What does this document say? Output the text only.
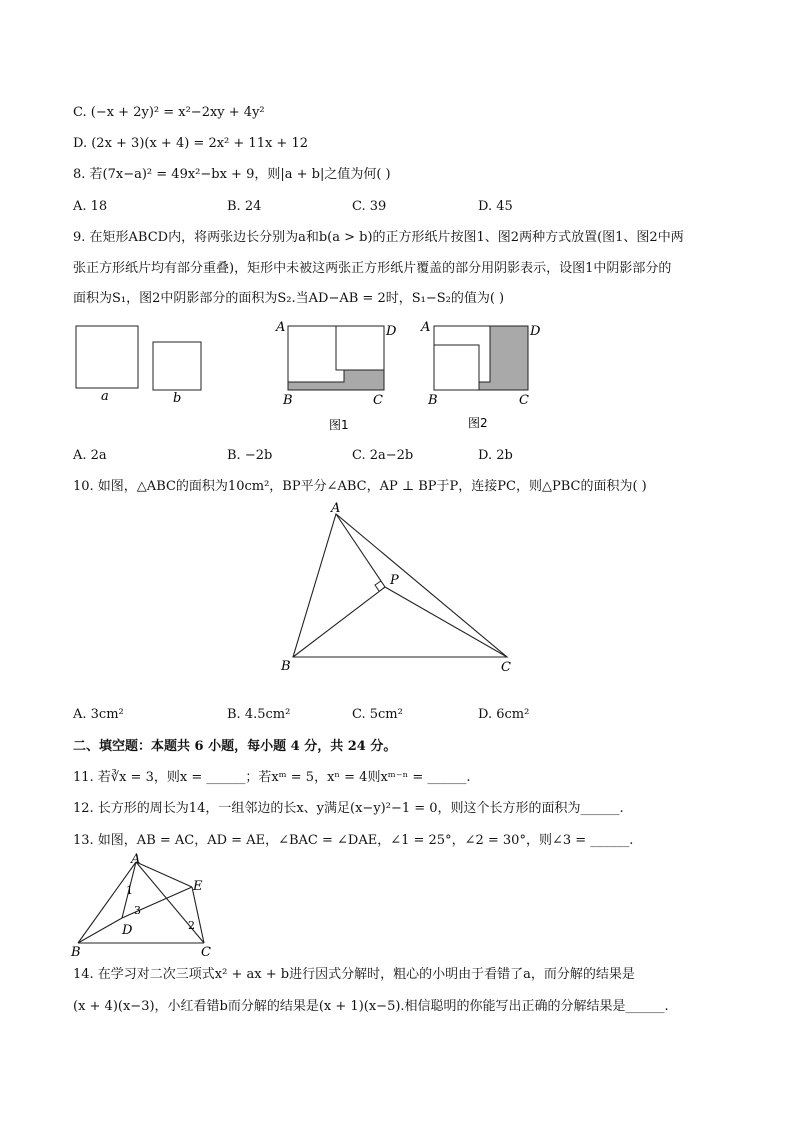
C. (−x + 2y)² = x²−2xy + 4y²
D. (2x + 3)(x + 4) = 2x² + 11x + 12
8. 若(7x−a)² = 49x²−bx + 9，则|a + b|之值为何( )
A. 18	B. 24	C. 39	D. 45
9. 在矩形ABCD内，将两张边长分别为a和b(a > b)的正方形纸片按图1、图2两种方式放置(图1、图2中两
张正方形纸片均有部分重叠)，矩形中未被这两张正方形纸片覆盖的部分用阴影表示，设图1中阴影部分的
面积为S₁，图2中阴影部分的面积为S₂.当AD−AB = 2时，S₁−S₂的值为( )
a	b
A	D
B	C
图1
A	D
B	C
图2
A. 2a	B. −2b	C. 2a−2b	D. 2b
10. 如图，△ABC的面积为10cm²，BP平分∠ABC，AP ⊥ BP于P，连接PC，则△PBC的面积为( )
A
B	C
P
A. 3cm²	B. 4.5cm²	C. 5cm²	D. 6cm²
二、填空题：本题共 6 小题，每小题 4 分，共 24 分。
11. 若∛x = 3，则x = ______；若xᵐ = 5，xⁿ = 4则xᵐ⁻ⁿ = ______.
12. 长方形的周长为14，一组邻边的长x、y满足(x−y)²−1 = 0，则这个长方形的面积为______.
13. 如图，AB = AC，AD = AE，∠BAC = ∠DAE，∠1 = 25°，∠2 = 30°，则∠3 = ______.
A
B	C
D
E
1
3
2
14. 在学习对二次三项式x² + ax + b进行因式分解时，粗心的小明由于看错了a，而分解的结果是
(x + 4)(x−3)，小红看错b而分解的结果是(x + 1)(x−5).相信聪明的你能写出正确的分解结果是______.
